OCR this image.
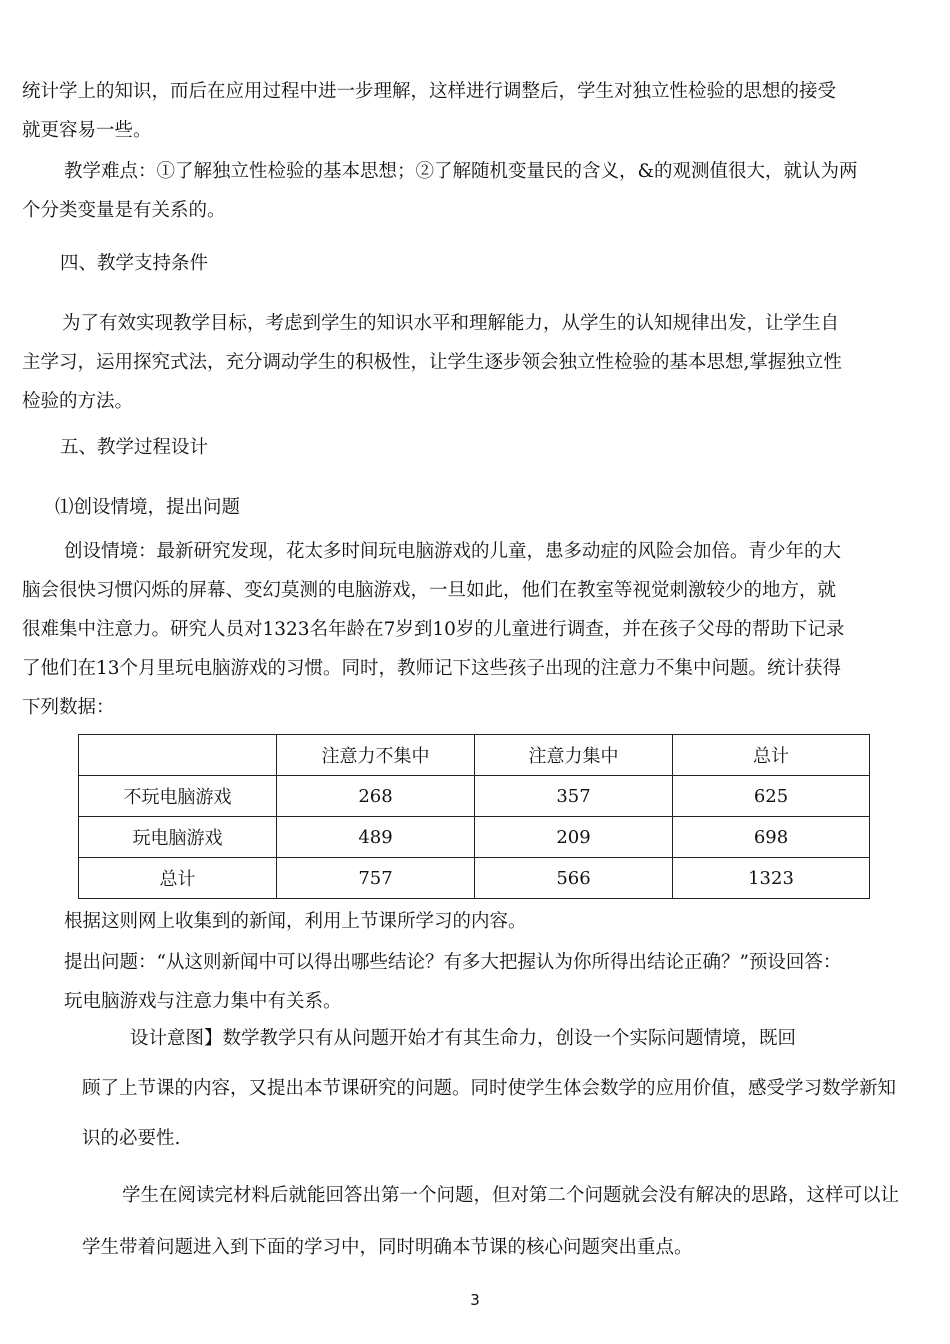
统计学上的知识，而后在应用过程中进一步理解，这样进行调整后，学生对独立性检验的思想的接受
就更容易一些。
教学难点：①了解独立性检验的基本思想；②了解随机变量民的含义，&的观测值很大，就认为两
个分类变量是有关系的。
四、教学支持条件
为了有效实现教学目标，考虑到学生的知识水平和理解能力，从学生的认知规律出发，让学生自
主学习，运用探究式法，充分调动学生的积极性，让学生逐步领会独立性检验的基本思想,掌握独立性
检验的方法。
五、教学过程设计
⑴创设情境，提出问题
创设情境：最新研究发现，花太多时间玩电脑游戏的儿童，患多动症的风险会加倍。青少年的大
脑会很快习惯闪烁的屏幕、变幻莫测的电脑游戏，一旦如此，他们在教室等视觉刺激较少的地方，就
很难集中注意力。研究人员对1323名年龄在7岁到10岁的儿童进行调查，并在孩子父母的帮助下记录
了他们在13个月里玩电脑游戏的习惯。同时，教师记下这些孩子出现的注意力不集中问题。统计获得
下列数据：
	注意力不集中	注意力集中	总计
不玩电脑游戏	268	357	625
玩电脑游戏	489	209	698
总计	757	566	1323
根据这则网上收集到的新闻，利用上节课所学习的内容。
提出问题：“从这则新闻中可以得出哪些结论？有多大把握认为你所得出结论正确？”预设回答：
玩电脑游戏与注意力集中有关系。
设计意图】数学教学只有从问题开始才有其生命力，创设一个实际问题情境，既回
顾了上节课的内容，又提出本节课研究的问题。同时使学生体会数学的应用价值，感受学习数学新知
识的必要性.
学生在阅读完材料后就能回答出第一个问题，但对第二个问题就会没有解决的思路，这样可以让
学生带着问题进入到下面的学习中，同时明确本节课的核心问题突出重点。
3
